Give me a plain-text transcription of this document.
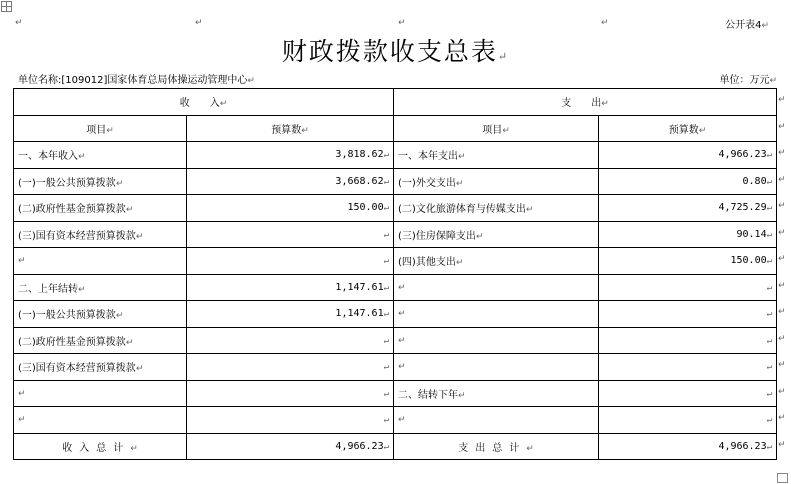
↵	↵	↵	↵	公开表4↵
财政拨款收支总表↵
单位名称:[109012]国家体育总局体操运动管理中心↵	单位：万元↵
收　　入↵		支　　出↵	
项目↵	预算数↵	项目↵	预算数↵
一、本年收入↵	3,818.62↵	一、本年支出↵	4,966.23↵
(一)一般公共预算拨款↵	3,668.62↵	(一)外交支出↵	0.80↵
(二)政府性基金预算拨款↵	150.00↵	(二)文化旅游体育与传媒支出↵	4,725.29↵
(三)国有资本经营预算拨款↵	↵	(三)住房保障支出↵	90.14↵
↵	↵	(四)其他支出↵	150.00↵
二、上年结转↵	1,147.61↵	↵	↵
(一)一般公共预算拨款↵	1,147.61↵	↵	↵
(二)政府性基金预算拨款↵	↵	↵	↵
(三)国有资本经营预算拨款↵	↵	↵	↵
↵	↵	二、结转下年↵	↵
↵	↵	↵	↵
收入总计↵	4,966.23↵	支出总计↵	4,966.23↵
↵
↵
↵
↵
↵
↵
↵
↵
↵
↵
↵
↵
↵
↵
